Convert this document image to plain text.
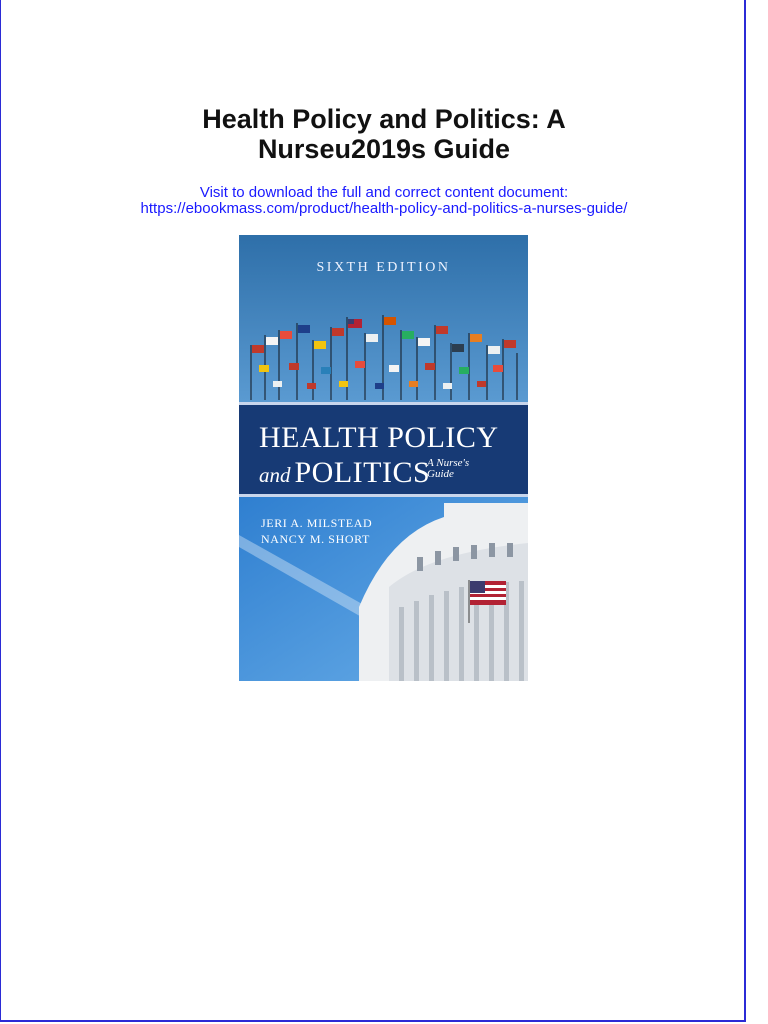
Health Policy and Politics: A
Nurseu2019s Guide
Visit to download the full and correct content document:
https://ebookmass.com/product/health-policy-and-politics-a-nurses-guide/
SIXTH EDITION
HEALTH POLICY
and POLITICS
A Nurse's
Guide
JERI A. MILSTEAD
NANCY M. SHORT
